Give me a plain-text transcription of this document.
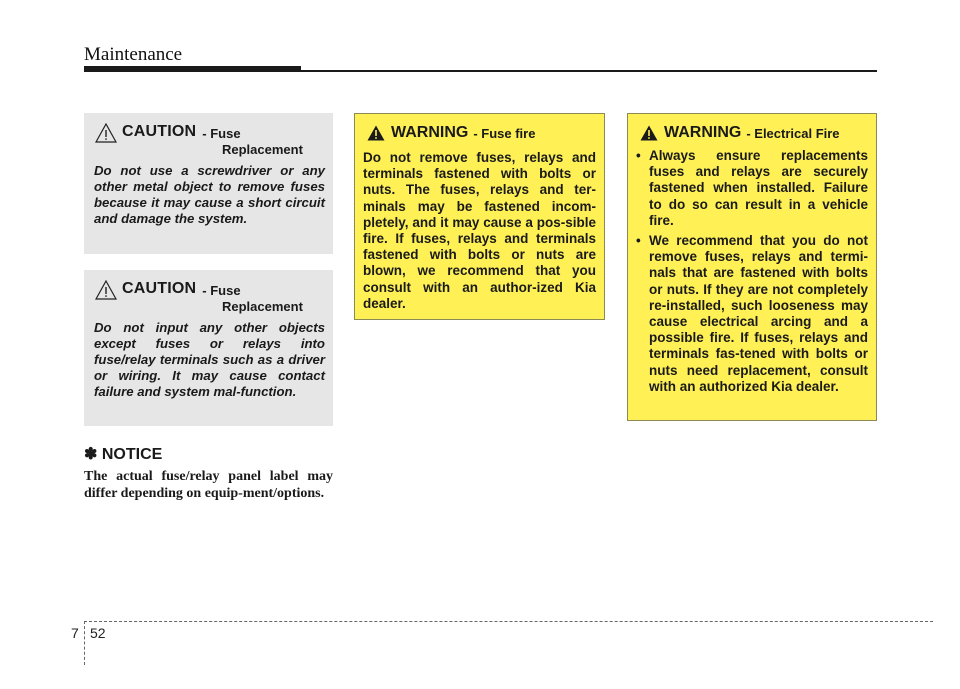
Maintenance
CAUTION - Fuse
Replacement
Do not use a screwdriver or any other metal object to remove fuses because it may cause a short circuit and damage the system.
CAUTION - Fuse
Replacement
Do not input any other objects except fuses or relays into fuse/relay terminals such as a driver or wiring. It may cause contact failure and system mal-function.
✽ NOTICE
The actual fuse/relay panel label may differ depending on equip-ment/options.
WARNING - Fuse fire
Do not remove fuses, relays and terminals fastened with bolts or nuts. The fuses, relays and ter-minals may be fastened incom-pletely, and it may cause a pos-sible fire. If fuses, relays and terminals fastened with bolts or nuts are blown, we recommend that you consult with an author-ized Kia dealer.
WARNING - Electrical Fire
• Always ensure replacements fuses and relays are securely fastened when installed. Failure to do so can result in a vehicle fire.
• We recommend that you do not remove fuses, relays and termi-nals that are fastened with bolts or nuts. If they are not completely re-installed, such looseness may cause electrical arcing and a possible fire. If fuses, relays and terminals fas-tened with bolts or nuts need replacement, consult with an authorized Kia dealer.
7 52
